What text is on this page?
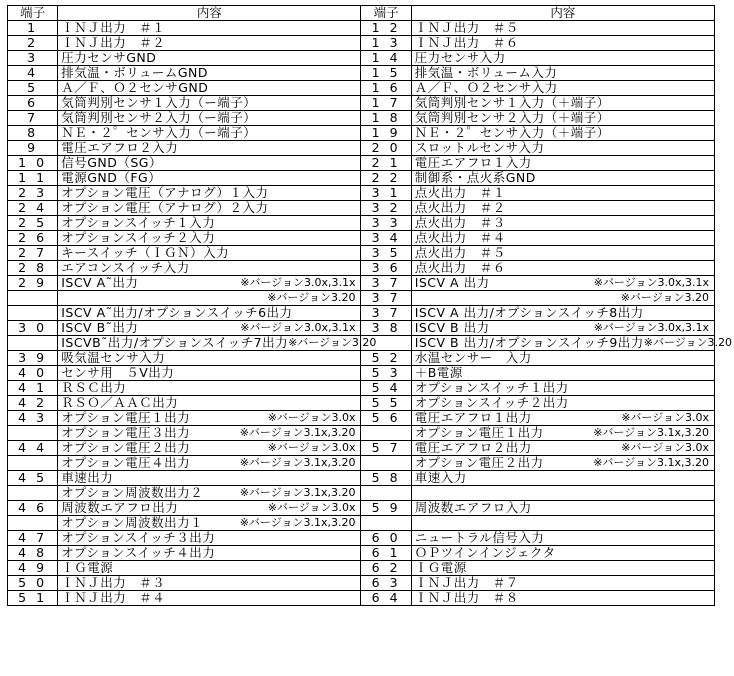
端子	内容	端子	内容
1	ＩＮＪ出力　＃１	1 2	ＩＮＪ出力　＃５
2	ＩＮＪ出力　＃２	1 3	ＩＮＪ出力　＃６
3	圧力センサGND	1 4	圧力センサ入力
4	排気温・ボリュームGND	1 5	排気温・ボリューム入力
5	Ａ／Ｆ、Ｏ２センサGND	1 6	Ａ／Ｆ、Ｏ２センサ入力
6	気筒判別センサ１入力（ー端子）	1 7	気筒判別センサ１入力（＋端子）
7	気筒判別センサ２入力（ー端子）	1 8	気筒判別センサ２入力（＋端子）
8	ＮＥ・２゜センサ入力（ー端子）	1 9	ＮＥ・２゜センサ入力（＋端子）
9	電圧エアフロ２入力	2 0	スロットルセンサ入力
1 0	信号GND（SG）	2 1	電圧エアフロ１入力
1 1	電源GND（FG）	2 2	制御系・点火系GND
2 3	オプション電圧（アナログ）１入力	3 1	点火出力　＃１
2 4	オプション電圧（アナログ）２入力	3 2	点火出力　＃２
2 5	オプションスイッチ１入力	3 3	点火出力　＃３
2 6	オプションスイッチ２入力	3 4	点火出力　＃４
2 7	キースイッチ（ＩＧＮ）入力	3 5	点火出力　＃５
2 8	エアコンスイッチ入力	3 6	点火出力　＃６
2 9	ISCV A˜出力 ※バージョン3.0x,3.1x	3 7	ISCV A 出力 ※バージョン3.0x,3.1x

	※バージョン3.20	3 7	※バージョン3.20

	ISCV A˜出力/オプションスイッチ6出力	3 7	ISCV A 出力/オプションスイッチ8出力
3 0	ISCV B˜出力 ※バージョン3.0x,3.1x	3 8	ISCV B 出力 ※バージョン3.0x,3.1x

	ISCVB˜出力/オプションスイッチ7出力 ※バージョン3.20		ISCV B 出力/オプションスイッチ9出力 ※バージョン3.20

3 9	吸気温センサ入力	5 2	水温センサー　入力
4 0	センサ用　５V出力	5 3	＋B電源
4 1	ＲＳＣ出力	5 4	オプションスイッチ１出力
4 2	ＲＳＯ／ＡＡＣ出力	5 5	オプションスイッチ２出力
4 3	オプション電圧１出力 ※バージョン3.0x	5 6	電圧エアフロ１出力 ※バージョン3.0x

	オプション電圧３出力 ※バージョン3.1x,3.20		オプション電圧１出力 ※バージョン3.1x,3.20

4 4	オプション電圧２出力 ※バージョン3.0x	5 7	電圧エアフロ２出力 ※バージョン3.0x

	オプション電圧４出力 ※バージョン3.1x,3.20		オプション電圧２出力 ※バージョン3.1x,3.20

4 5	車速出力	5 8	車速入力

	オプション周波数出力２ ※バージョン3.1x,3.20		

4 6	周波数エアフロ出力 ※バージョン3.0x	5 9	周波数エアフロ入力

	オプション周波数出力１ ※バージョン3.1x,3.20		

4 7	オプションスイッチ３出力	6 0	ニュートラル信号入力
4 8	オプションスイッチ４出力	6 1	ＯＰツインインジェクタ
4 9	ＩＧ電源	6 2	ＩＧ電源
5 0	ＩＮＪ出力　＃３	6 3	ＩＮＪ出力　＃７
5 1	ＩＮＪ出力　＃４	6 4	ＩＮＪ出力　＃８
